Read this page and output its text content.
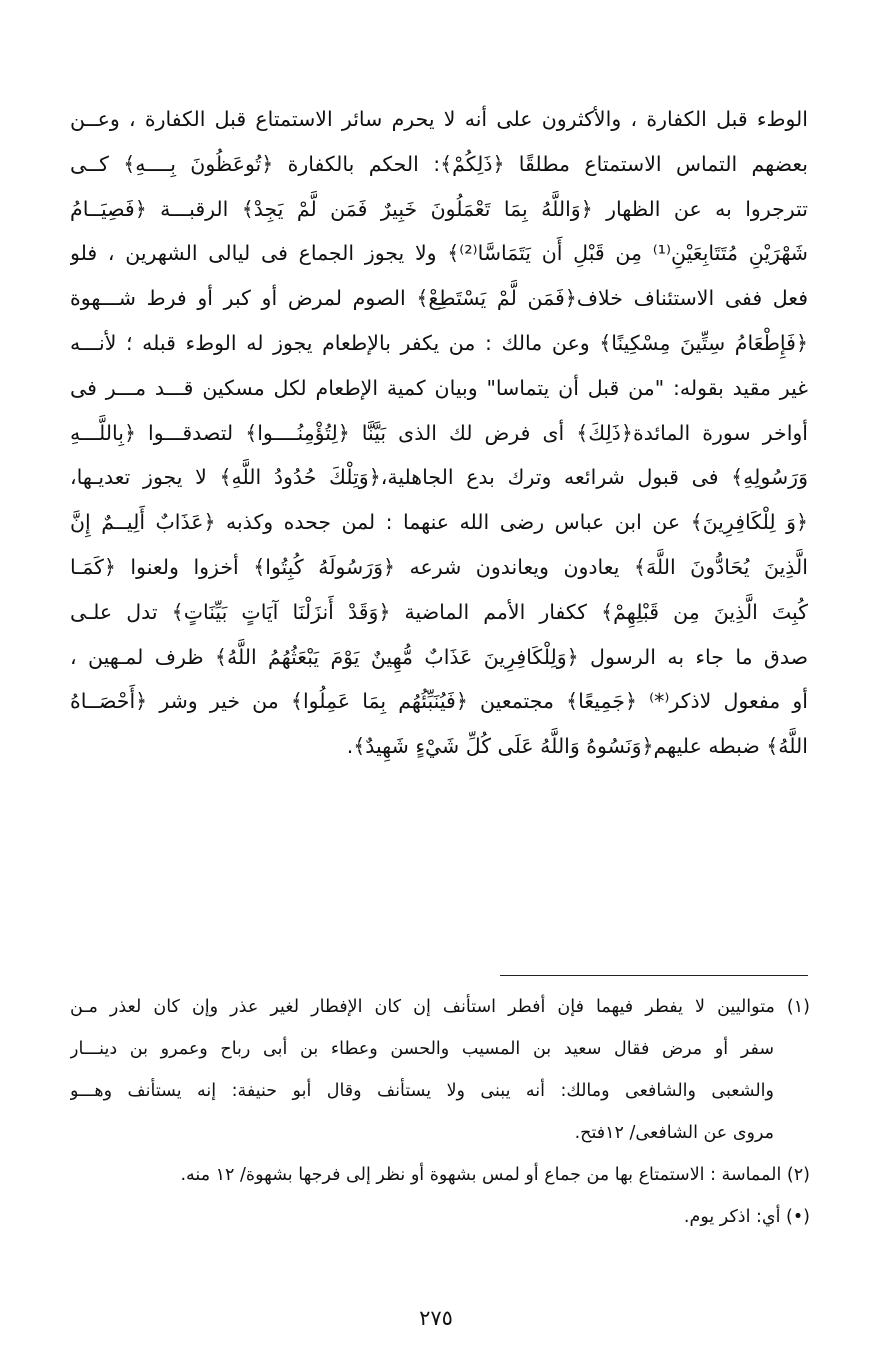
الوطء قبل الكفارة ، والأكثرون على أنه لا يحرم سائر الاستمتاع قبل الكفارة ، وعــن
بعضهم التماس الاستمتاع مطلقًا ﴿ذَلِكُمْ﴾: الحكم بالكفارة ﴿تُوعَظُونَ بِــــهِ﴾ كــى
تترجروا به عن الظهار ﴿وَاللَّهُ بِمَا تَعْمَلُونَ خَبِيرٌ فَمَن لَّمْ يَجِدْ﴾ الرقبـــة ﴿فَصِيَــامُ
شَهْرَيْنِ مُتَتَابِعَيْنِ⁽¹⁾ مِن قَبْلِ أَن يَتَمَاسَّا⁽²⁾﴾ ولا يجوز الجماع فى ليالى الشهرين ، فلو
فعل ففى الاستئناف خلاف﴿فَمَن لَّمْ يَسْتَطِعْ﴾ الصوم لمرض أو كبر أو فرط شـــهوة
﴿فَإِطْعَامُ سِتِّينَ مِسْكِينًا﴾ وعن مالك : من يكفر بالإطعام يجوز له الوطء قبله ؛ لأنـــه
غير مقيد بقوله: "من قبل أن يتماسا" وبيان كمية الإطعام لكل مسكين قـــد مـــر فى
أواخر سورة المائدة﴿ذَلِكَ﴾ أى فرض لك الذى بَيَّنَّا ﴿لِتُؤْمِنُــــوا﴾ لتصدقـــوا ﴿بِاللَّـــهِ
وَرَسُولِهِ﴾ فى قبول شرائعه وترك بدع الجاهلية،﴿وَتِلْكَ حُدُودُ اللَّهِ﴾ لا يجوز تعديـها،
﴿وَ لِلْكَافِرِينَ﴾ عن ابن عباس رضى الله عنهما : لمن جحده وكذبه ﴿عَذَابٌ أَلِيــمٌ إِنَّ
الَّذِينَ يُحَادُّونَ اللَّهَ﴾ يعادون ويعاندون شرعه ﴿وَرَسُولَهُ كُبِتُوا﴾ أخزوا ولعنوا ﴿كَمَـا
كُبِتَ الَّذِينَ مِن قَبْلِهِمْ﴾ ككفار الأمم الماضية ﴿وَقَدْ أَنزَلْنَا آيَاتٍ بَيِّنَاتٍ﴾ تدل علـى
صدق ما جاء به الرسول ﴿وَلِلْكَافِرِينَ عَذَابٌ مُّهِينٌ يَوْمَ يَبْعَثُهُمُ اللَّهُ﴾ ظرف لمـهين ،
أو مفعول لاذكر⁽*⁾ ﴿جَمِيعًا﴾ مجتمعين ﴿فَيُنَبِّئُهُم بِمَا عَمِلُوا﴾ من خير وشر ﴿أَحْصَــاهُ
اللَّهُ﴾ ضبطه عليهم﴿وَنَسُوهُ وَاللَّهُ عَلَى كُلِّ شَيْءٍ شَهِيدٌ﴾.
(١) متواليين لا يفطر فيهما فإن أفطر استأنف إن كان الإفطار لغير عذر وإن كان لعذر مـن
سفر أو مرض فقال سعيد بن المسيب والحسن وعطاء بن أبى رباح وعمرو بن دينـــار
والشعبى والشافعى ومالك: أنه يبنى ولا يستأنف وقال أبو حنيفة: إنه يستأنف وهـــو
مروى عن الشافعى/ ١٢فتح.
(٢) المماسة : الاستمتاع بها من جماع أو لمس بشهوة أو نظر إلى فرجها بشهوة/ ١٢ منه.
(•) أي: اذكر يوم.
٢٧٥
